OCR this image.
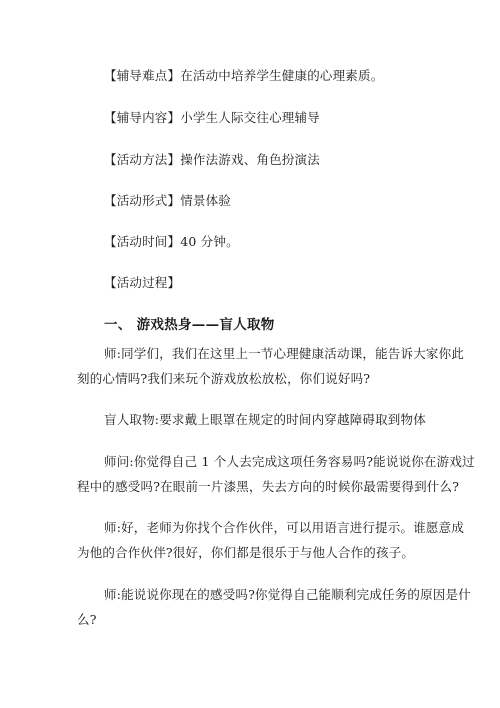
【辅导难点】在活动中培养学生健康的心理素质。
【辅导内容】小学生人际交往心理辅导
【活动方法】操作法游戏、角色扮演法
【活动形式】情景体验
【活动时间】40 分钟。
【活动过程】
一、 游戏热身——盲人取物
师:同学们，我们在这里上一节心理健康活动课，能告诉大家你此
刻的心情吗?我们来玩个游戏放松放松，你们说好吗?
盲人取物:要求戴上眼罩在规定的时间内穿越障碍取到物体
师问:你觉得自己 1 个人去完成这项任务容易吗?能说说你在游戏过
程中的感受吗?在眼前一片漆黑，失去方向的时候你最需要得到什么?
师:好，老师为你找个合作伙伴，可以用语言进行提示。谁愿意成
为他的合作伙伴?很好，你们都是很乐于与他人合作的孩子。
师:能说说你现在的感受吗?你觉得自己能顺利完成任务的原因是什
么?
